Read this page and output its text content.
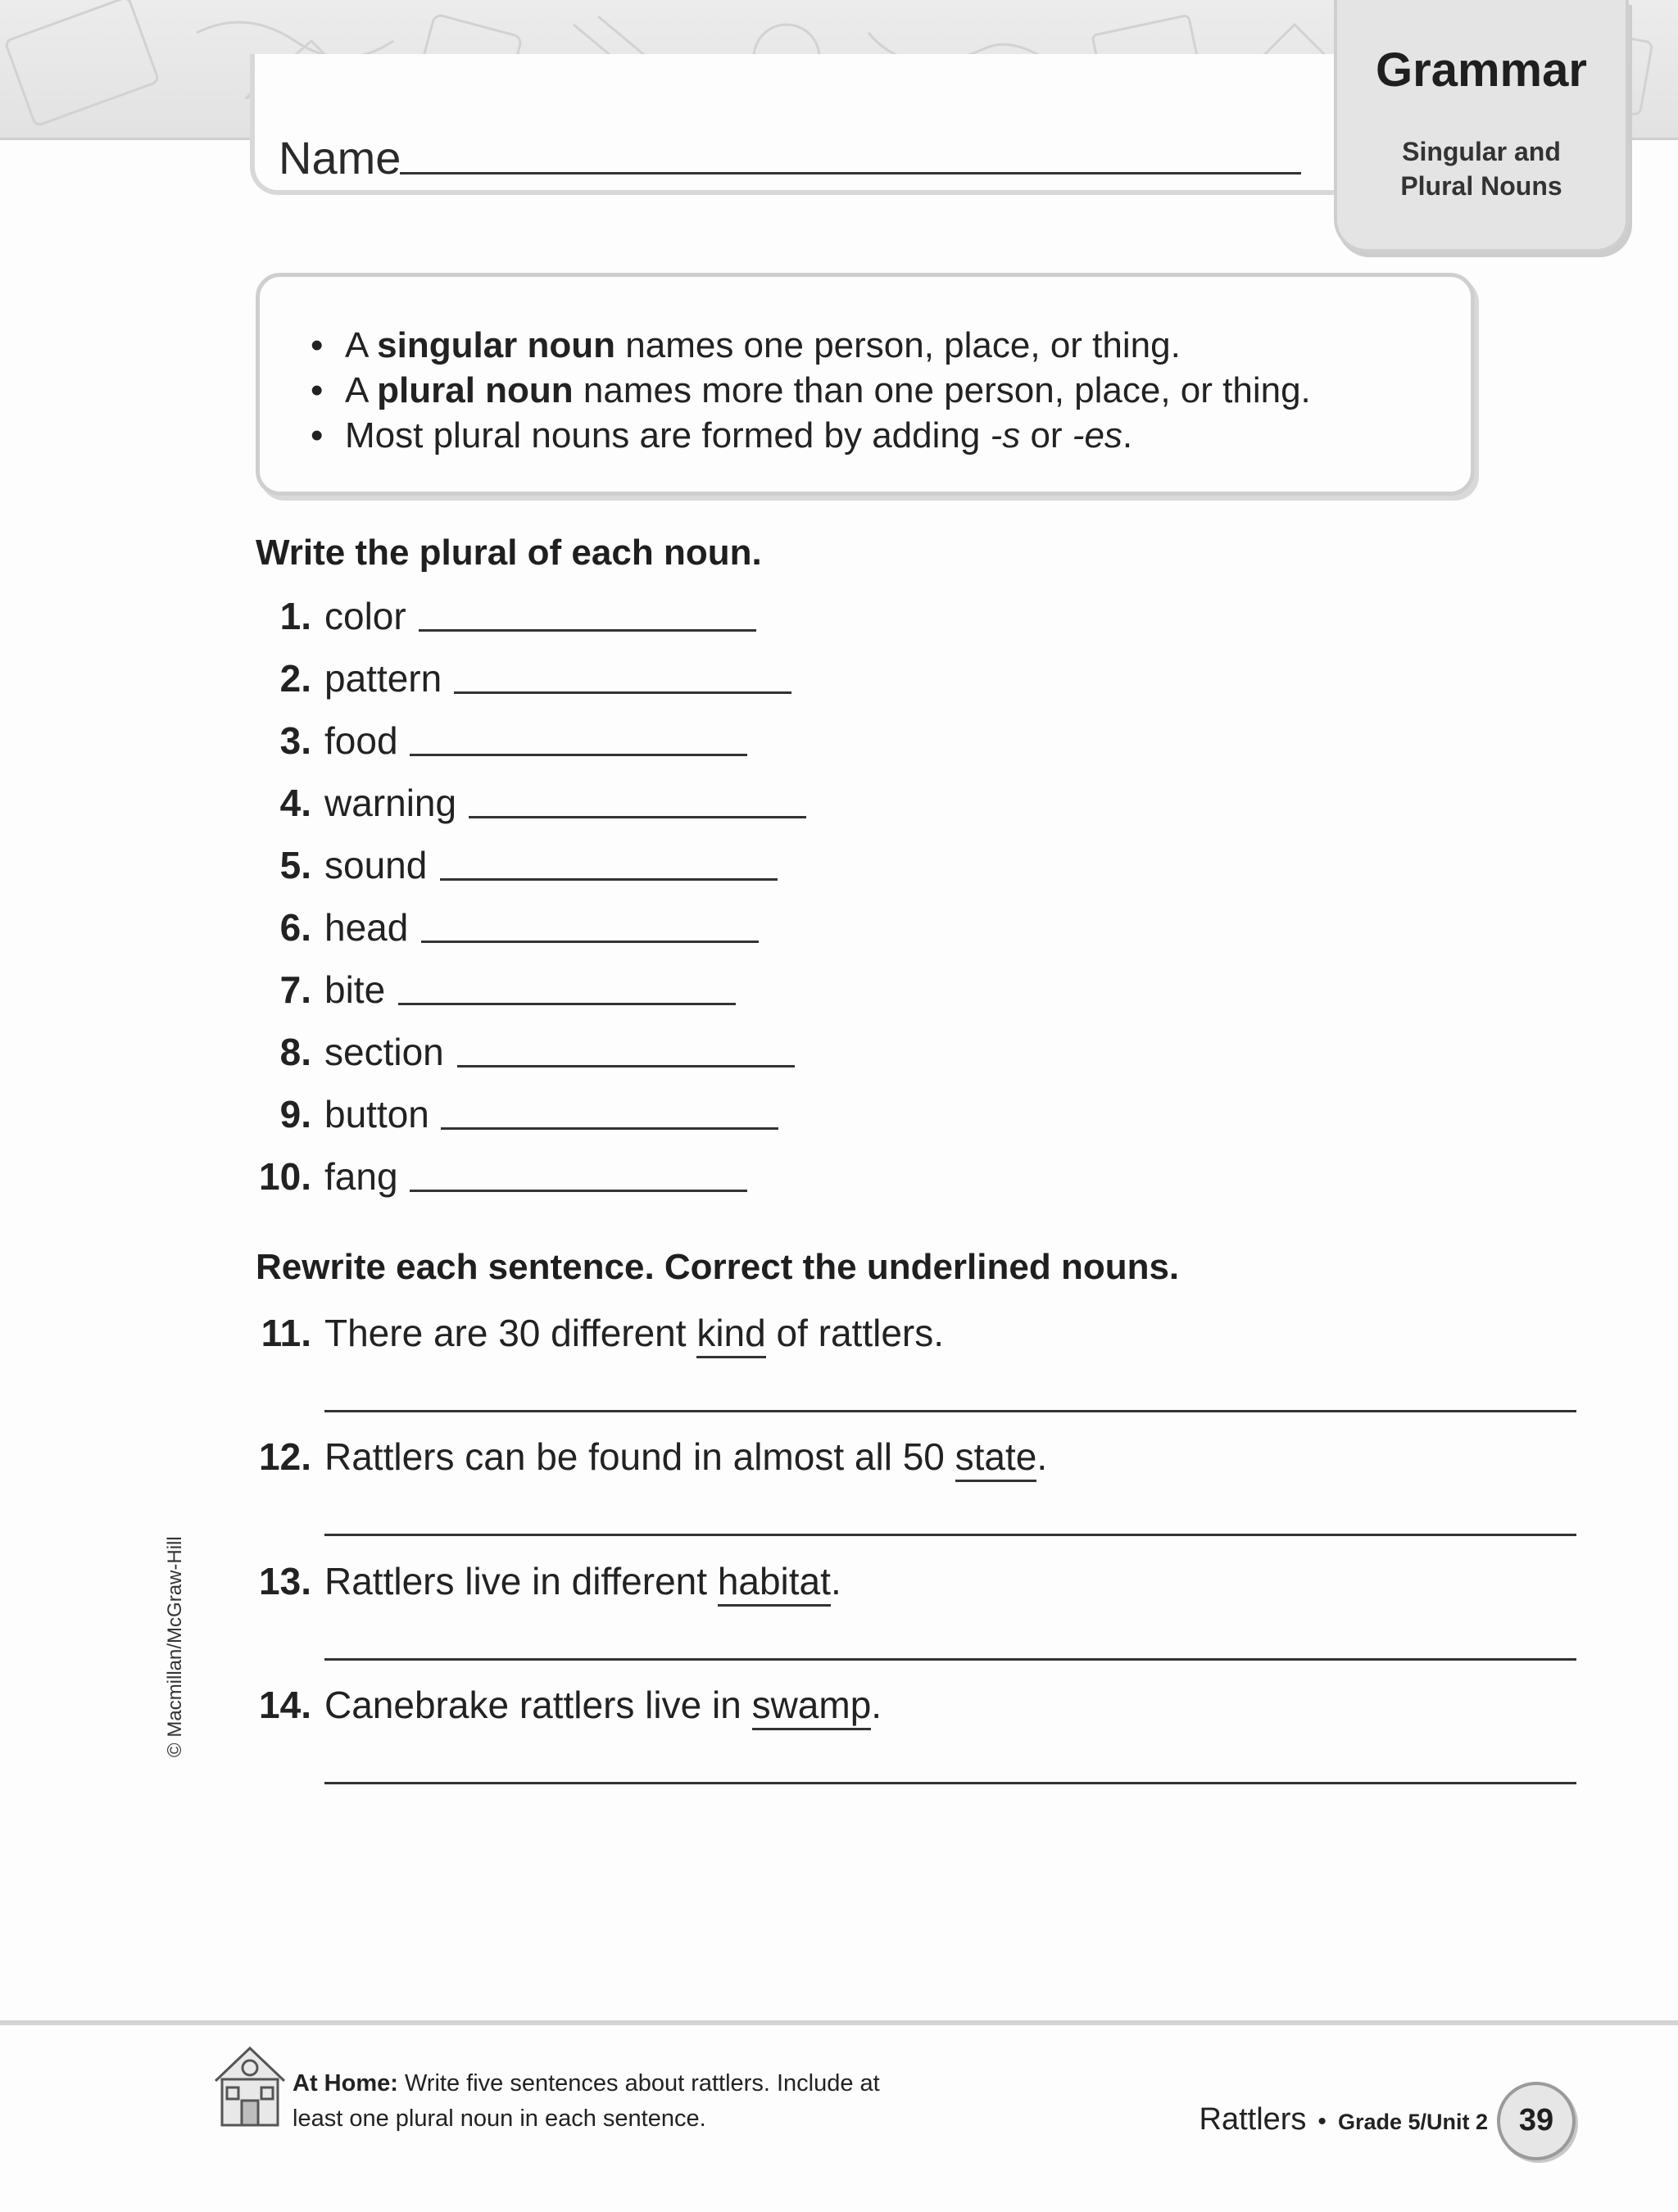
Name
Grammar
Singular and
Plural Nouns
• A singular noun names one person, place, or thing.
• A plural noun names more than one person, place, or thing.
• Most plural nouns are formed by adding -s or -es.
Write the plural of each noun.
1. color
2. pattern
3. food
4. warning
5. sound
6. head
7. bite
8. section
9. button
10. fang
Rewrite each sentence. Correct the underlined nouns.
11. There are 30 different kind of rattlers.
12. Rattlers can be found in almost all 50 state.
13. Rattlers live in different habitat.
14. Canebrake rattlers live in swamp.
© Macmillan/McGraw-Hill
At Home: Write five sentences about rattlers. Include at
least one plural noun in each sentence.	Rattlers • Grade 5/Unit 2 39
